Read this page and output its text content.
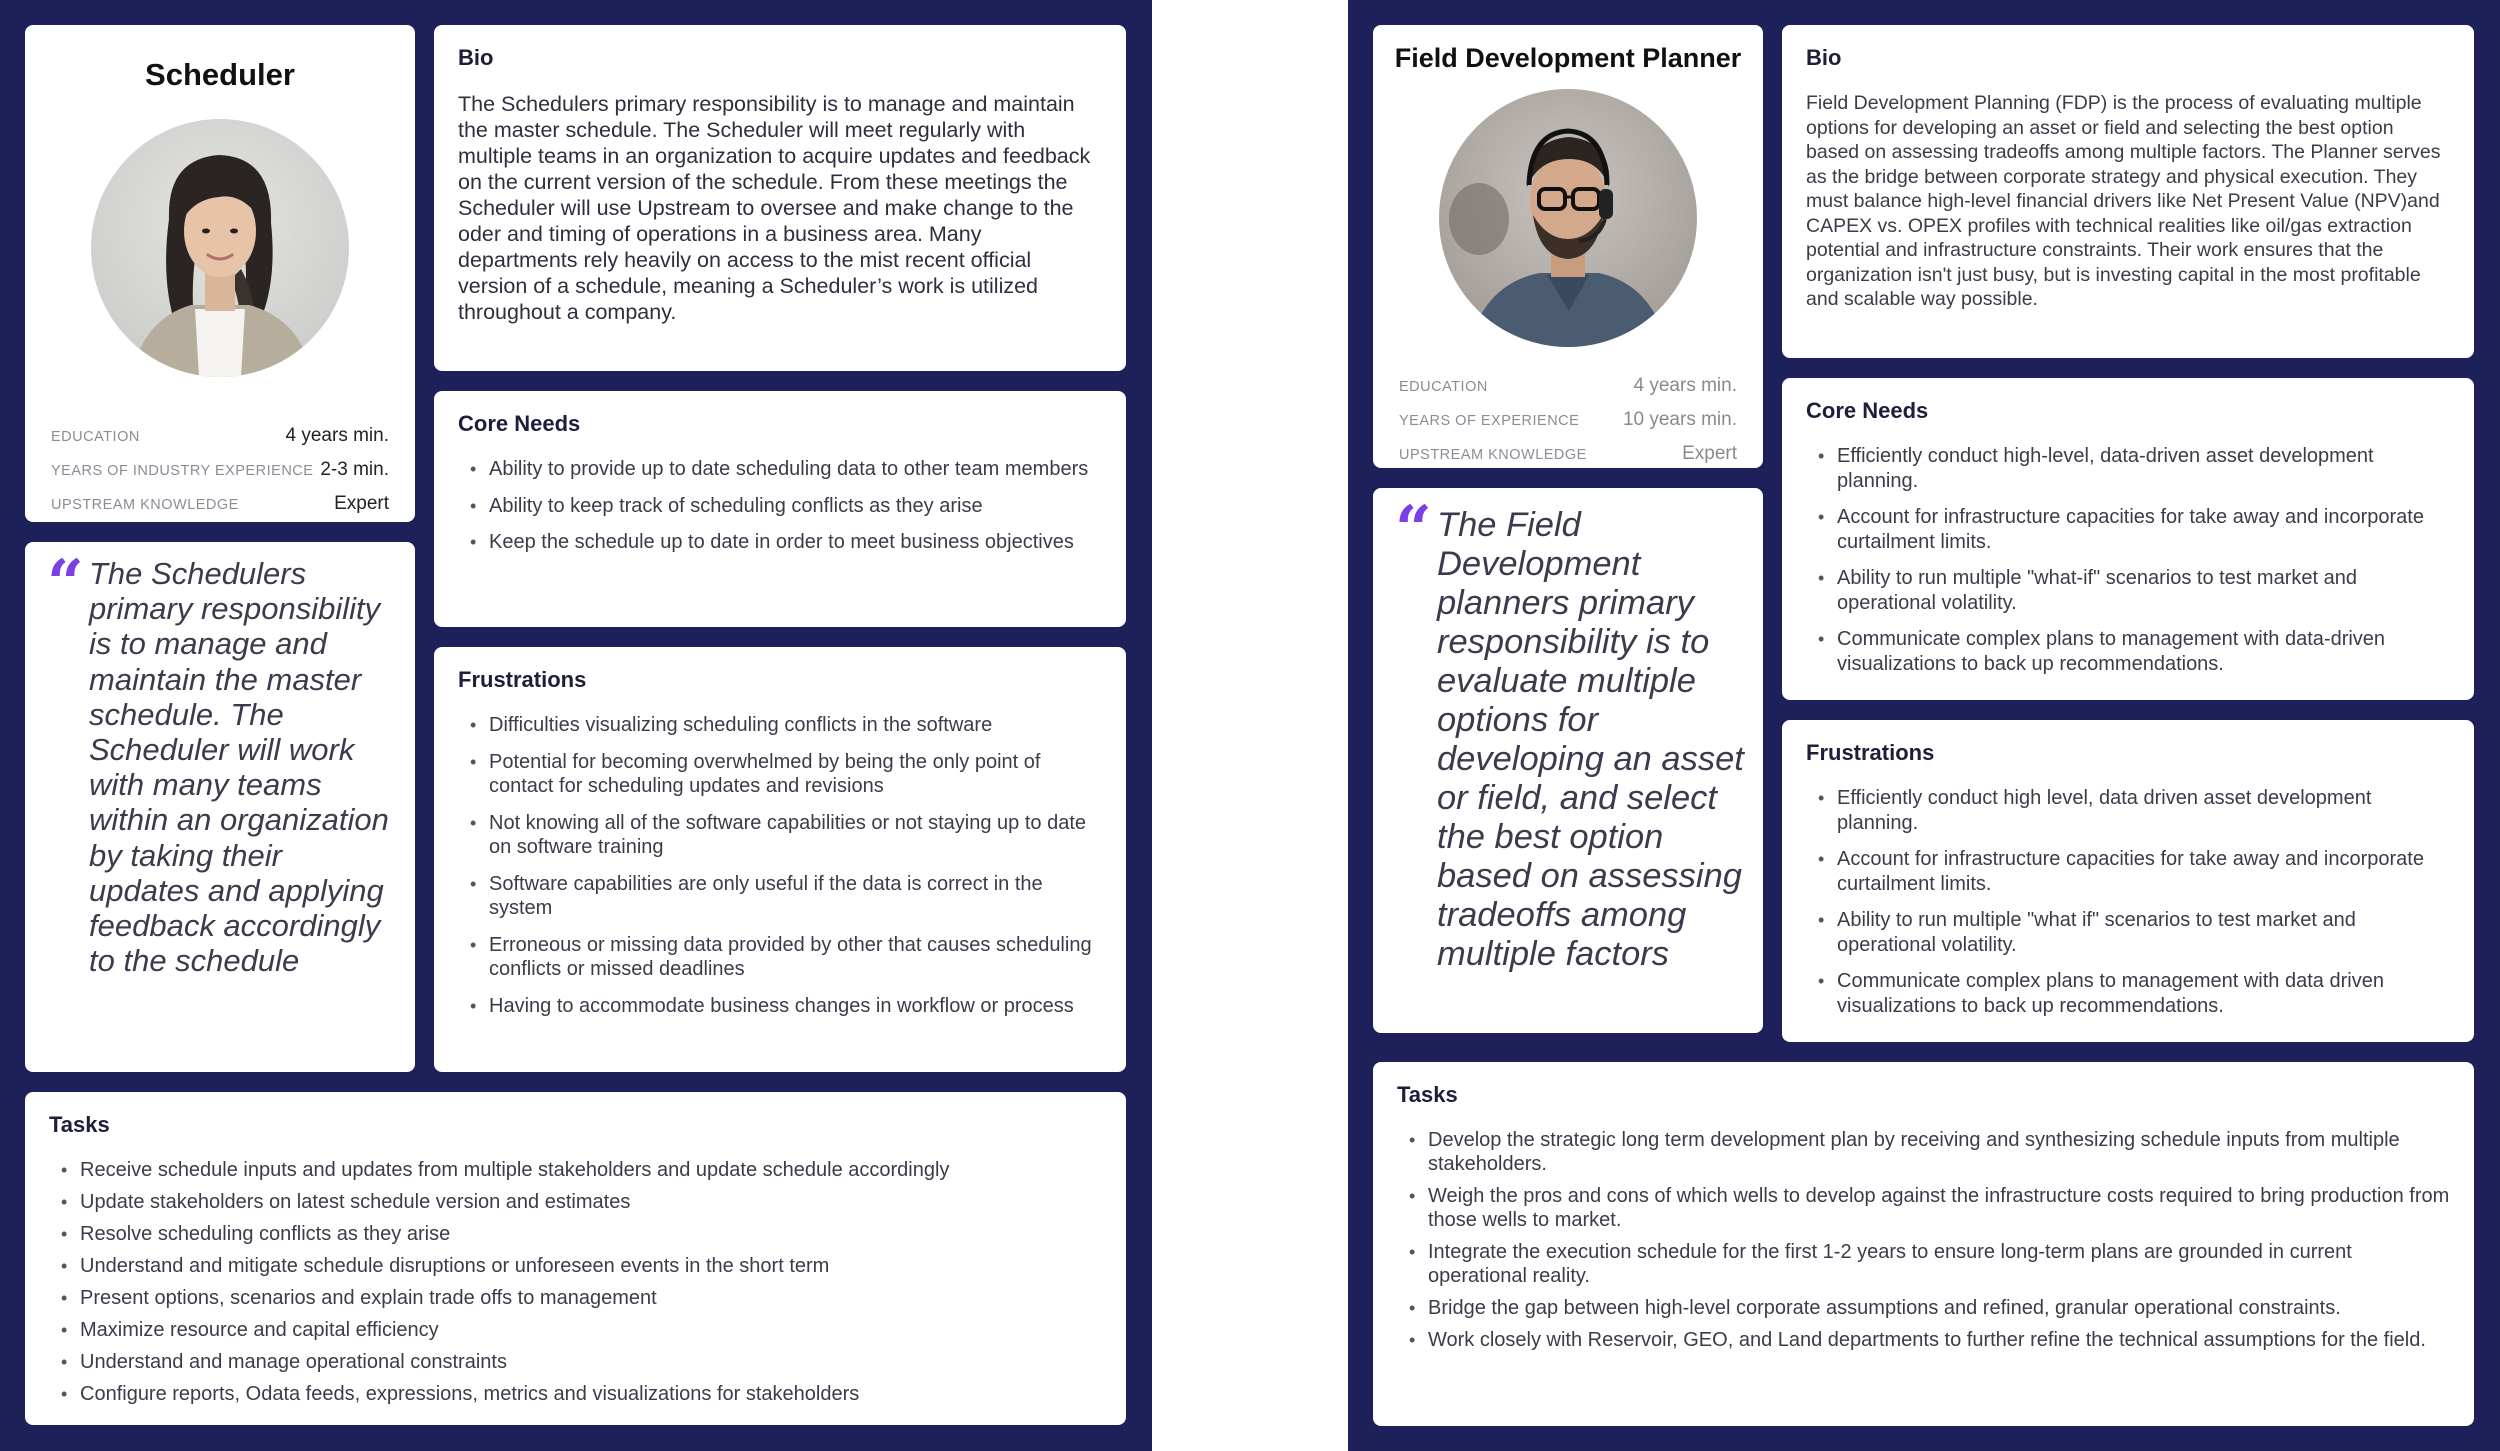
Scheduler
EDUCATION	4 years min.
YEARS OF INDUSTRY EXPERIENCE 2-3 min.
UPSTREAM KNOWLEDGE	Expert
“ The Schedulers primary responsibility is to manage and maintain the master schedule. The Scheduler will work with many teams within an organization by taking their updates and applying feedback accordingly to the schedule
Bio
The Schedulers primary responsibility is to manage and maintain the master schedule. The Scheduler will meet regularly with multiple teams in an organization to acquire updates and feedback on the current version of the schedule. From these meetings the Scheduler will use Upstream to oversee and make change to the oder and timing of operations in a business area. Many departments rely heavily on access to the mist recent official version of a schedule, meaning a Scheduler’s work is utilized throughout a company.
Core Needs
• Ability to provide up to date scheduling data to other team members
• Ability to keep track of scheduling conflicts as they arise
• Keep the schedule up to date in order to meet business objectives
Frustrations
• Difficulties visualizing scheduling conflicts in the software
• Potential for becoming overwhelmed by being the only point of contact for scheduling updates and revisions
• Not knowing all of the software capabilities or not staying up to date on software training
• Software capabilities are only useful if the data is correct in the system
• Erroneous or missing data provided by other that causes scheduling conflicts or missed deadlines
• Having to accommodate business changes in workflow or process
Tasks
• Receive schedule inputs and updates from multiple stakeholders and update schedule accordingly
• Update stakeholders on latest schedule version and estimates
• Resolve scheduling conflicts as they arise
• Understand and mitigate schedule disruptions or unforeseen events in the short term
• Present options, scenarios and explain trade offs to management
• Maximize resource and capital efficiency
• Understand and manage operational constraints
• Configure reports, Odata feeds, expressions, metrics and visualizations for stakeholders
Field Development Planner
EDUCATION	4 years min.
YEARS OF EXPERIENCE 10 years min.
UPSTREAM KNOWLEDGE	Expert
“ The Field Development planners primary responsibility is to evaluate multiple options for developing an asset or field, and select the best option based on assessing tradeoffs among multiple factors
Bio
Field Development Planning (FDP) is the process of evaluating multiple options for developing an asset or field and selecting the best option based on assessing tradeoffs among multiple factors. The Planner serves as the bridge between corporate strategy and physical execution. They must balance high-level financial drivers like Net Present Value (NPV)and CAPEX vs. OPEX profiles with technical realities like oil/gas extraction potential and infrastructure constraints. Their work ensures that the organization isn't just busy, but is investing capital in the most profitable and scalable way possible.
Core Needs
• Efficiently conduct high-level, data-driven asset development planning.
• Account for infrastructure capacities for take away and incorporate curtailment limits.
• Ability to run multiple "what-if" scenarios to test market and operational volatility.
• Communicate complex plans to management with data-driven visualizations to back up recommendations.
Frustrations
• Efficiently conduct high level, data driven asset development planning.
• Account for infrastructure capacities for take away and incorporate curtailment limits.
• Ability to run multiple "what if" scenarios to test market and operational volatility.
• Communicate complex plans to management with data driven visualizations to back up recommendations.
Tasks
• Develop the strategic long term development plan by receiving and synthesizing schedule inputs from multiple stakeholders.
• Weigh the pros and cons of which wells to develop against the infrastructure costs required to bring production from those wells to market.
• Integrate the execution schedule for the first 1-2 years to ensure long-term plans are grounded in current operational reality.
• Bridge the gap between high-level corporate assumptions and refined, granular operational constraints.
• Work closely with Reservoir, GEO, and Land departments to further refine the technical assumptions for the field.
